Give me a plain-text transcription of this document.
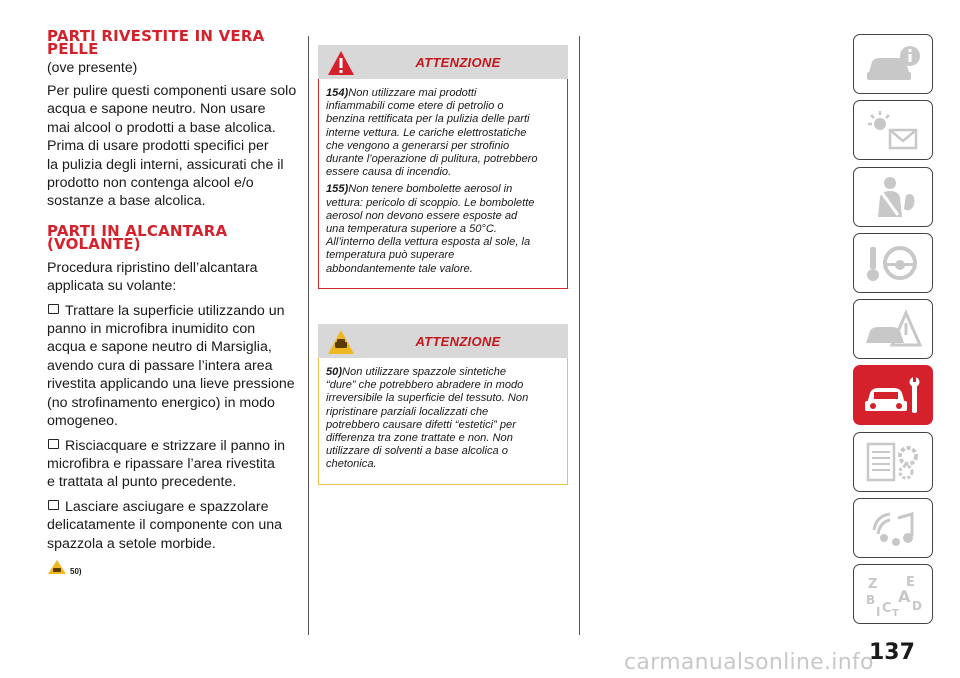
PARTI RIVESTITE IN VERA
PELLE
(ove presente)
Per pulire questi componenti usare solo
acqua e sapone neutro. Non usare
mai alcool o prodotti a base alcolica.
Prima di usare prodotti specifici per
la pulizia degli interni, assicurati che il
prodotto non contenga alcool e/o
sostanze a base alcolica.
PARTI IN ALCANTARA
(VOLANTE)
Procedura ripristino dell’alcantara
applicata su volante:
Trattare la superficie utilizzando un
panno in microfibra inumidito con
acqua e sapone neutro di Marsiglia,
avendo cura di passare l’intera area
rivestita applicando una lieve pressione
(no strofinamento energico) in modo
omogeneo.
Risciacquare e strizzare il panno in
microfibra e ripassare l’area rivestita
e trattata al punto precedente.
Lasciare asciugare e spazzolare
delicatamente il componente con una
spazzola a setole morbide.
50)
ATTENZIONE
154)Non utilizzare mai prodotti
infiammabili come etere di petrolio o
benzina rettificata per la pulizia delle parti
interne vettura. Le cariche elettrostatiche
che vengono a generarsi per strofinio
durante l’operazione di pulitura, potrebbero
essere causa di incendio.
155)Non tenere bombolette aerosol in
vettura: pericolo di scoppio. Le bombolette
aerosol non devono essere esposte ad
una temperatura superiore a 50°C.
All’interno della vettura esposta al sole, la
temperatura può superare
abbondantemente tale valore.
ATTENZIONE
50)Non utilizzare spazzole sintetiche
“dure” che potrebbero abradere in modo
irreversibile la superficie del tessuto. Non
ripristinare parziali localizzati che
potrebbero causare difetti “estetici” per
differenza tra zone trattate e non. Non
utilizzare di solventi a base alcolica o
chetonica.
Z E
B A
C D
I T
137
carmanualsonline.info
